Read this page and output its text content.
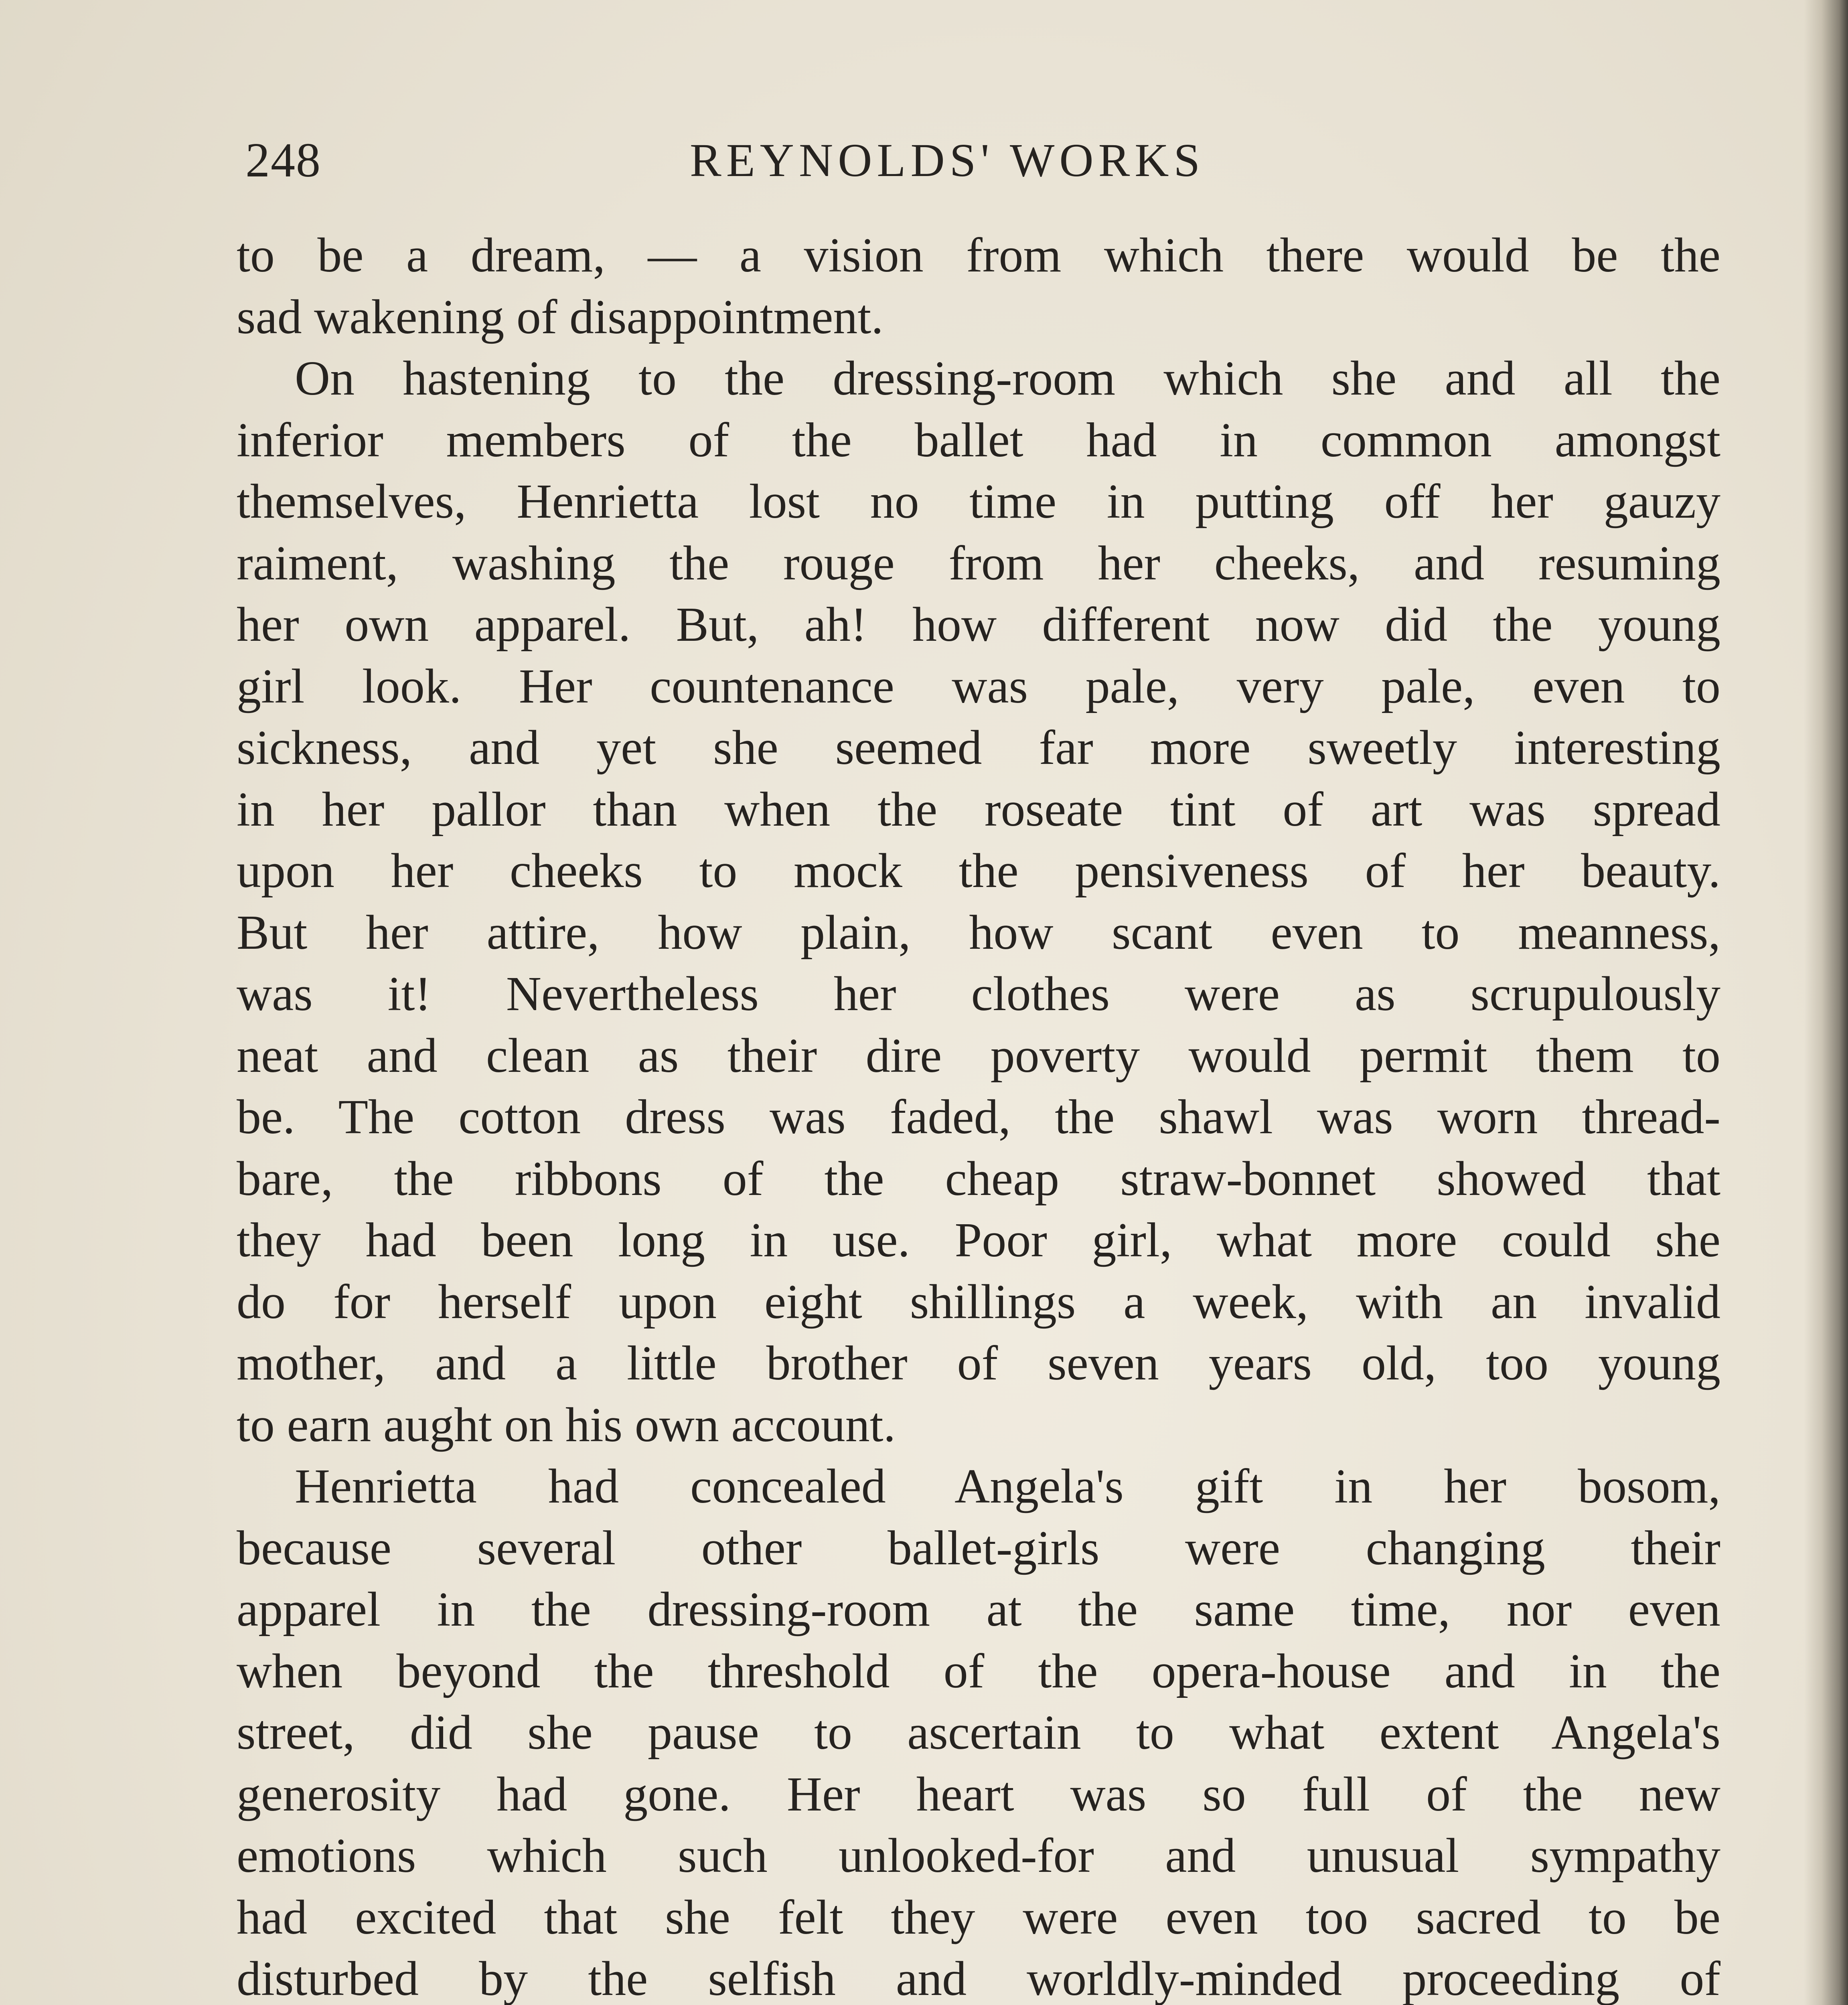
248	REYNOLDS' WORKS
to be a dream, — a vision from which there would be the
sad wakening of disappointment.
On hastening to the dressing-room which she and all the
inferior members of the ballet had in common amongst
themselves, Henrietta lost no time in putting off her gauzy
raiment, washing the rouge from her cheeks, and resuming
her own apparel. But, ah! how different now did the young
girl look. Her countenance was pale, very pale, even to
sickness, and yet she seemed far more sweetly interesting
in her pallor than when the roseate tint of art was spread
upon her cheeks to mock the pensiveness of her beauty.
But her attire, how plain, how scant even to meanness,
was it! Nevertheless her clothes were as scrupulously
neat and clean as their dire poverty would permit them to
be. The cotton dress was faded, the shawl was worn thread-
bare, the ribbons of the cheap straw-bonnet showed that
they had been long in use. Poor girl, what more could she
do for herself upon eight shillings a week, with an invalid
mother, and a little brother of seven years old, too young
to earn aught on his own account.
Henrietta had concealed Angela's gift in her bosom,
because several other ballet-girls were changing their
apparel in the dressing-room at the same time, nor even
when beyond the threshold of the opera-house and in the
street, did she pause to ascertain to what extent Angela's
generosity had gone. Her heart was so full of the new
emotions which such unlooked-for and unusual sympathy
had excited that she felt they were even too sacred to be
disturbed by the selfish and worldly-minded proceeding of
